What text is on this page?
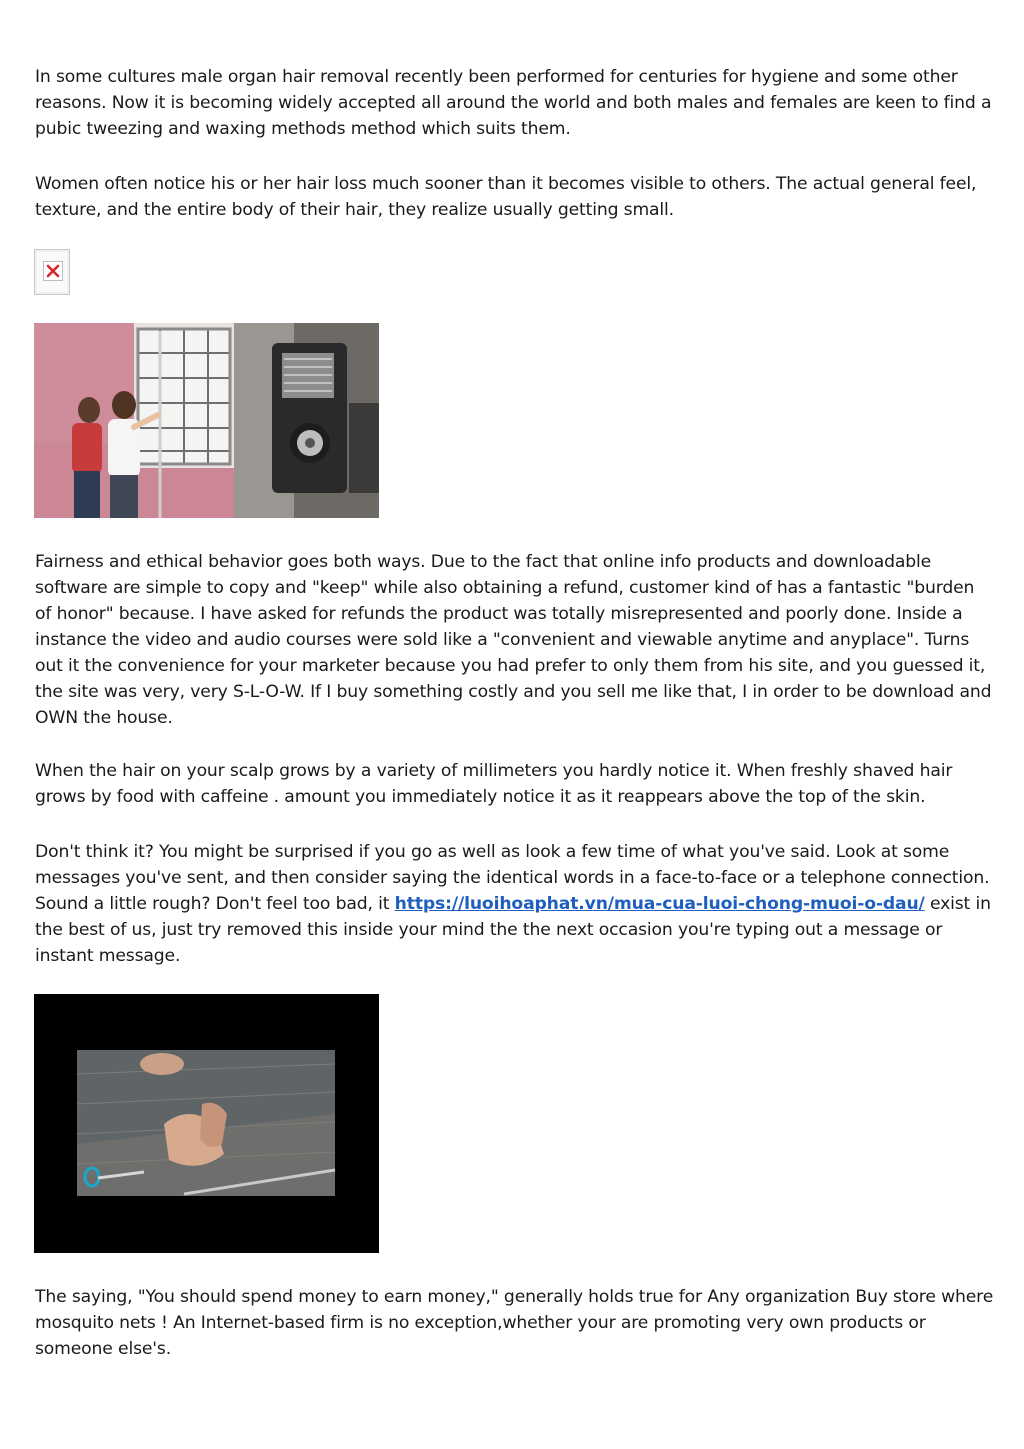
In some cultures male organ hair removal recently been performed for centuries for hygiene and some other reasons. Now it is becoming widely accepted all around the world and both males and females are keen to find a pubic tweezing and waxing methods method which suits them.

Women often notice his or her hair loss much sooner than it becomes visible to others. The actual general feel, texture, and the entire body of their hair, they realize usually getting small.

Fairness and ethical behavior goes both ways. Due to the fact that online info products and downloadable software are simple to copy and "keep" while also obtaining a refund, customer kind of has a fantastic "burden of honor" because. I have asked for refunds the product was totally misrepresented and poorly done. Inside a instance the video and audio courses were sold like a "convenient and viewable anytime and anyplace". Turns out it the convenience for your marketer because you had prefer to only them from his site, and you guessed it, the site was very, very S-L-O-W. If I buy something costly and you sell me like that, I in order to be download and OWN the house.

When the hair on your scalp grows by a variety of millimeters you hardly notice it. When freshly shaved hair grows by food with caffeine . amount you immediately notice it as it reappears above the top of the skin.

Don't think it? You might be surprised if you go as well as look a few time of what you've said. Look at some messages you've sent, and then consider saying the identical words in a face-to-face or a telephone connection. Sound a little rough? Don't feel too bad, it https://luoihoaphat.vn/mua-cua-luoi-chong-muoi-o-dau/ exist in the best of us, just try removed this inside your mind the the next occasion you're typing out a message or instant message.

The saying, "You should spend money to earn money," generally holds true for Any organization Buy store where mosquito nets ! An Internet-based firm is no exception,whether your are promoting very own products or someone else's.
